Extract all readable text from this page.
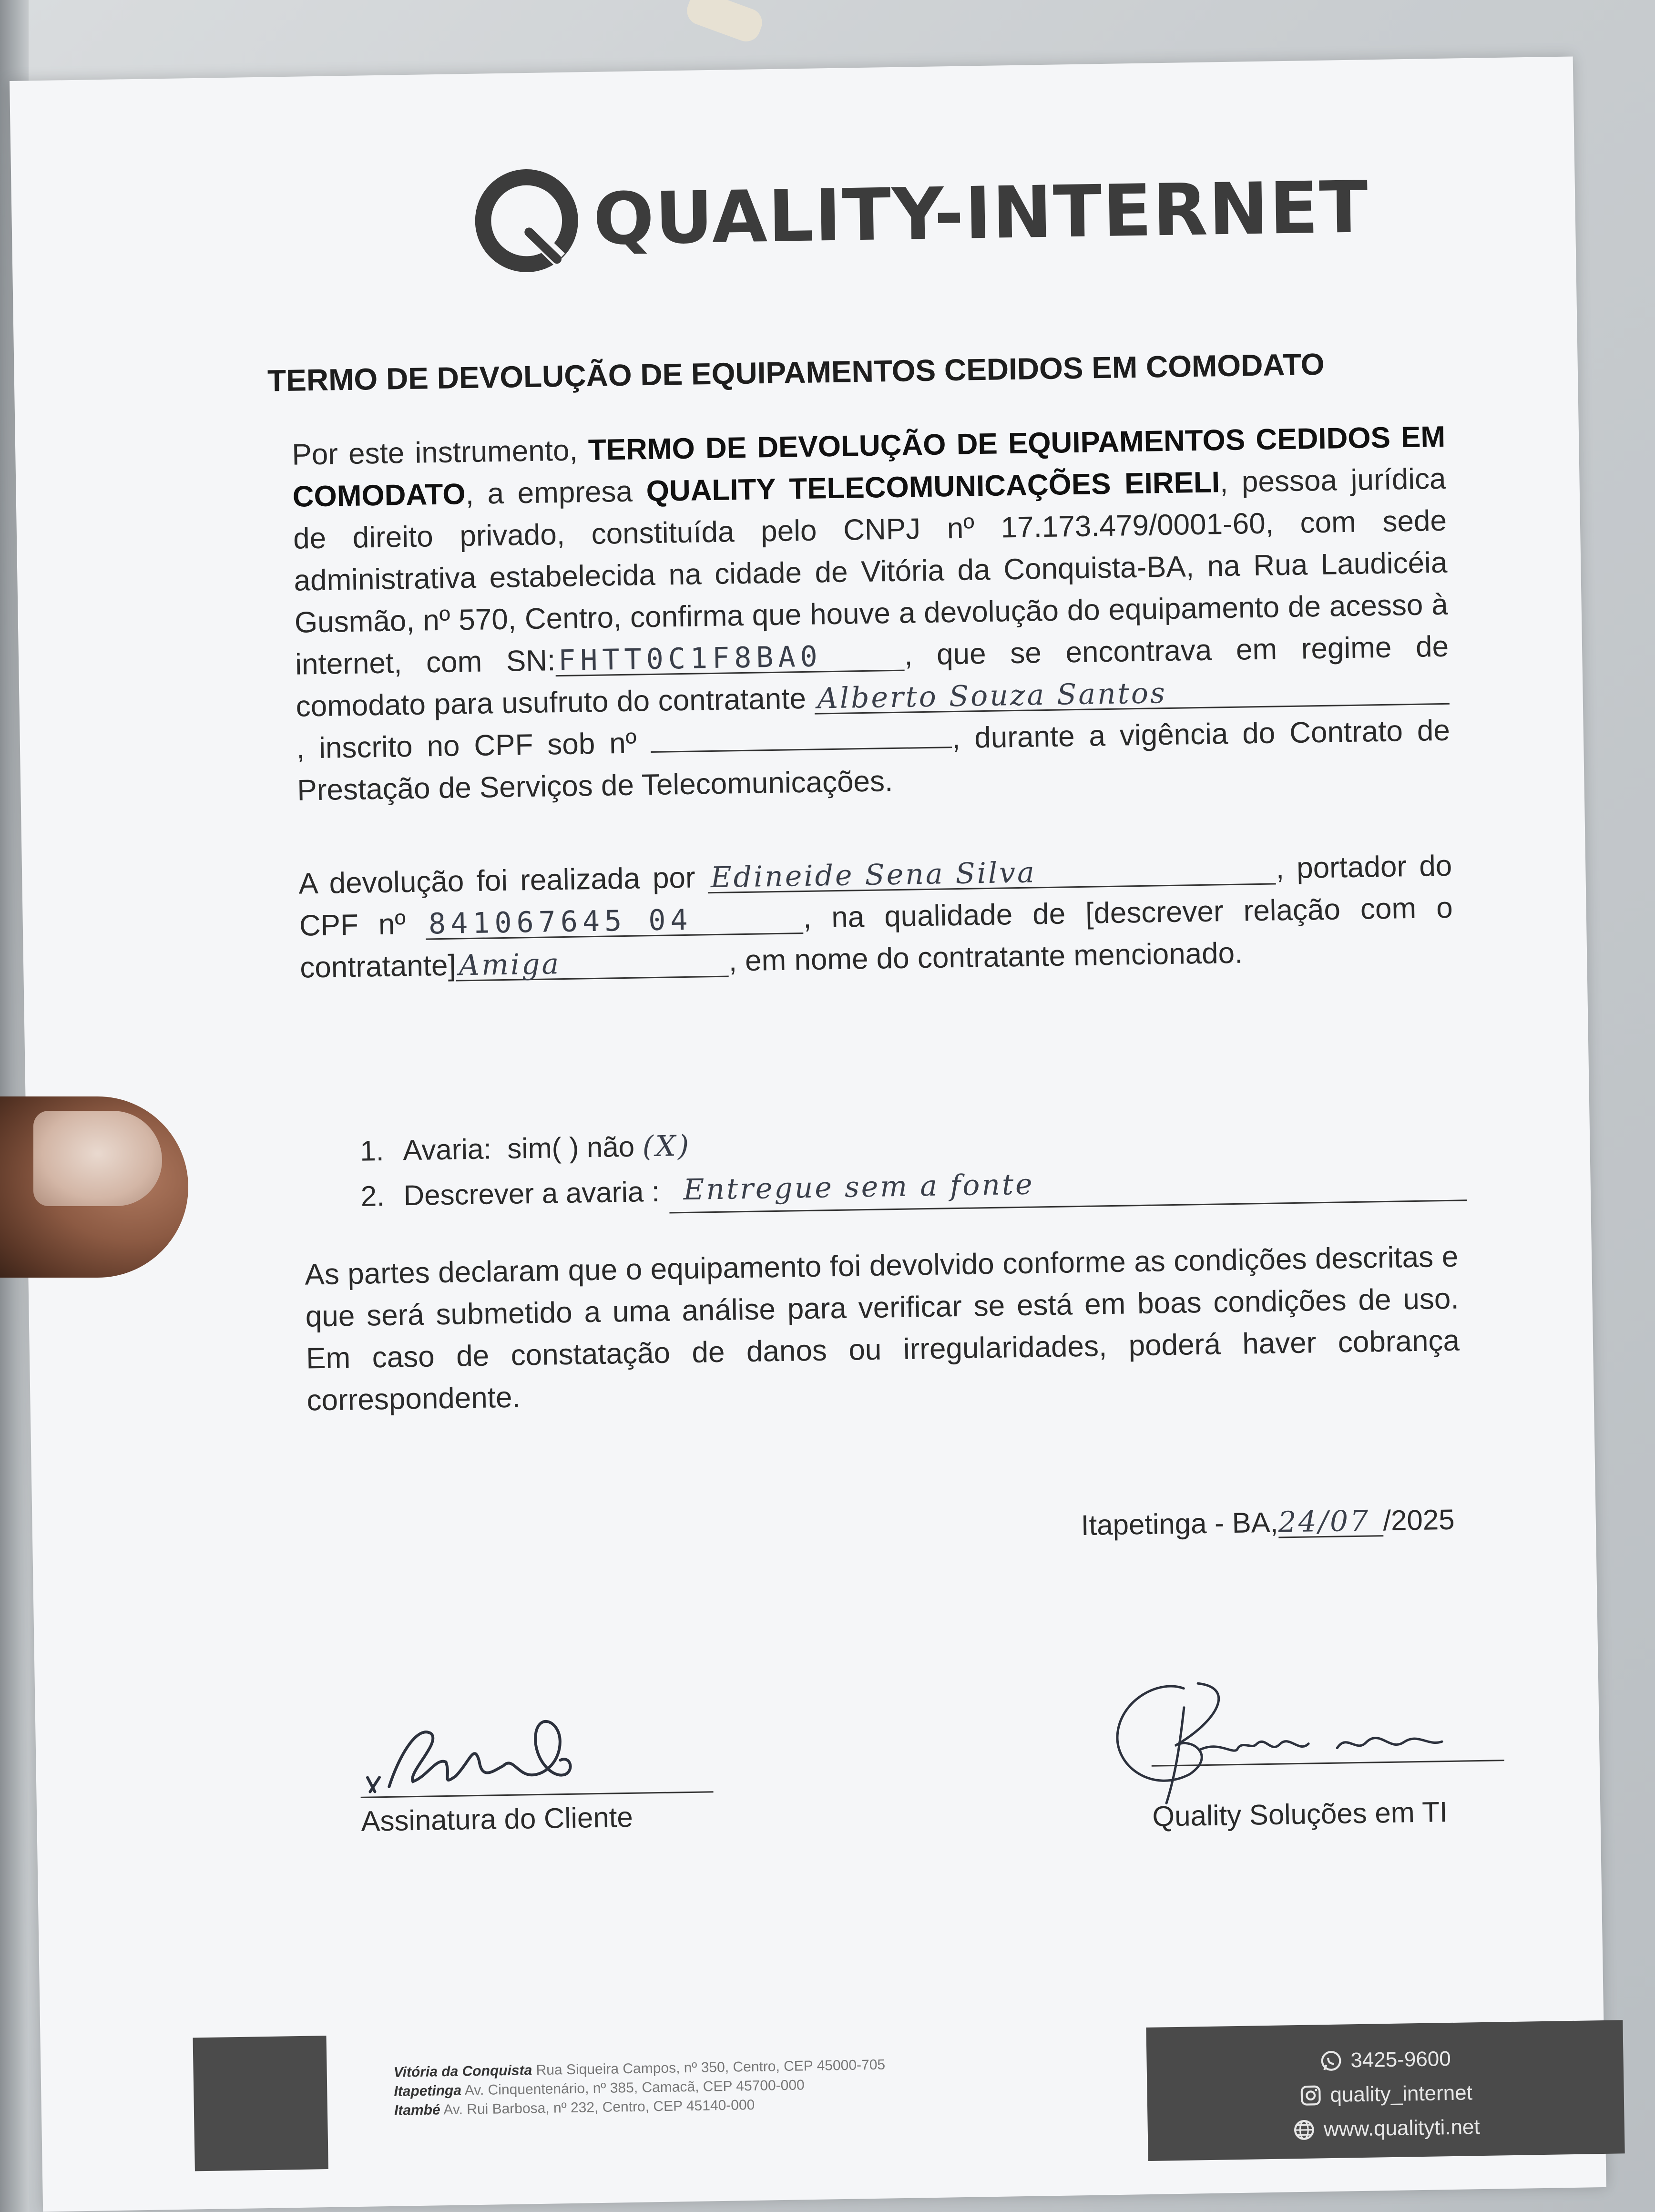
QUALITY-INTERNET
TERMO DE DEVOLUÇÃO DE EQUIPAMENTOS CEDIDOS EM COMODATO
Por este instrumento, TERMO DE DEVOLUÇÃO DE EQUIPAMENTOS CEDIDOS EM COMODATO, a empresa QUALITY TELECOMUNICAÇÕES EIRELI, pessoa jurídica de direito privado, constituída pelo CNPJ nº 17.173.479/0001-60, com sede administrativa estabelecida na cidade de Vitória da Conquista-BA, na Rua Laudicéia Gusmão, nº 570, Centro, confirma que houve a devolução do equipamento de acesso à internet, com SN:FHTT0C1F8BA0	, que se encontrava em regime de comodato para usufruto do contratante Alberto Souza Santos, inscrito no CPF sob nº	, durante a vigência do Contrato de Prestação de Serviços de Telecomunicações.
A devolução foi realizada por Edineide Sena Silva	, portador do CPF nº 841067645 04	, na qualidade de [descrever relação com o contratante]Amiga	, em nome do contratante mencionado.
1. Avaria:
sim( ) não
(X)
2. Descrever a avaria : Entregue sem a fonte
As partes declaram que o equipamento foi devolvido conforme as condições descritas e que será submetido a uma análise para verificar se está em boas condições de uso. Em caso de constatação de danos ou irregularidades, poderá haver cobrança correspondente.
Itapetinga - BA,24/07 /2025
Assinatura do Cliente
Bruno Moreira
Quality Soluções em TI
Vitória da Conquista Rua Siqueira Campos, nº 350, Centro, CEP 45000-705
Itapetinga Av. Cinquentenário, nº 385, Camacã, CEP 45700-000
Itambé Av. Rui Barbosa, nº 232, Centro, CEP 45140-000
3425-9600
quality_internet
www.qualityti.net
